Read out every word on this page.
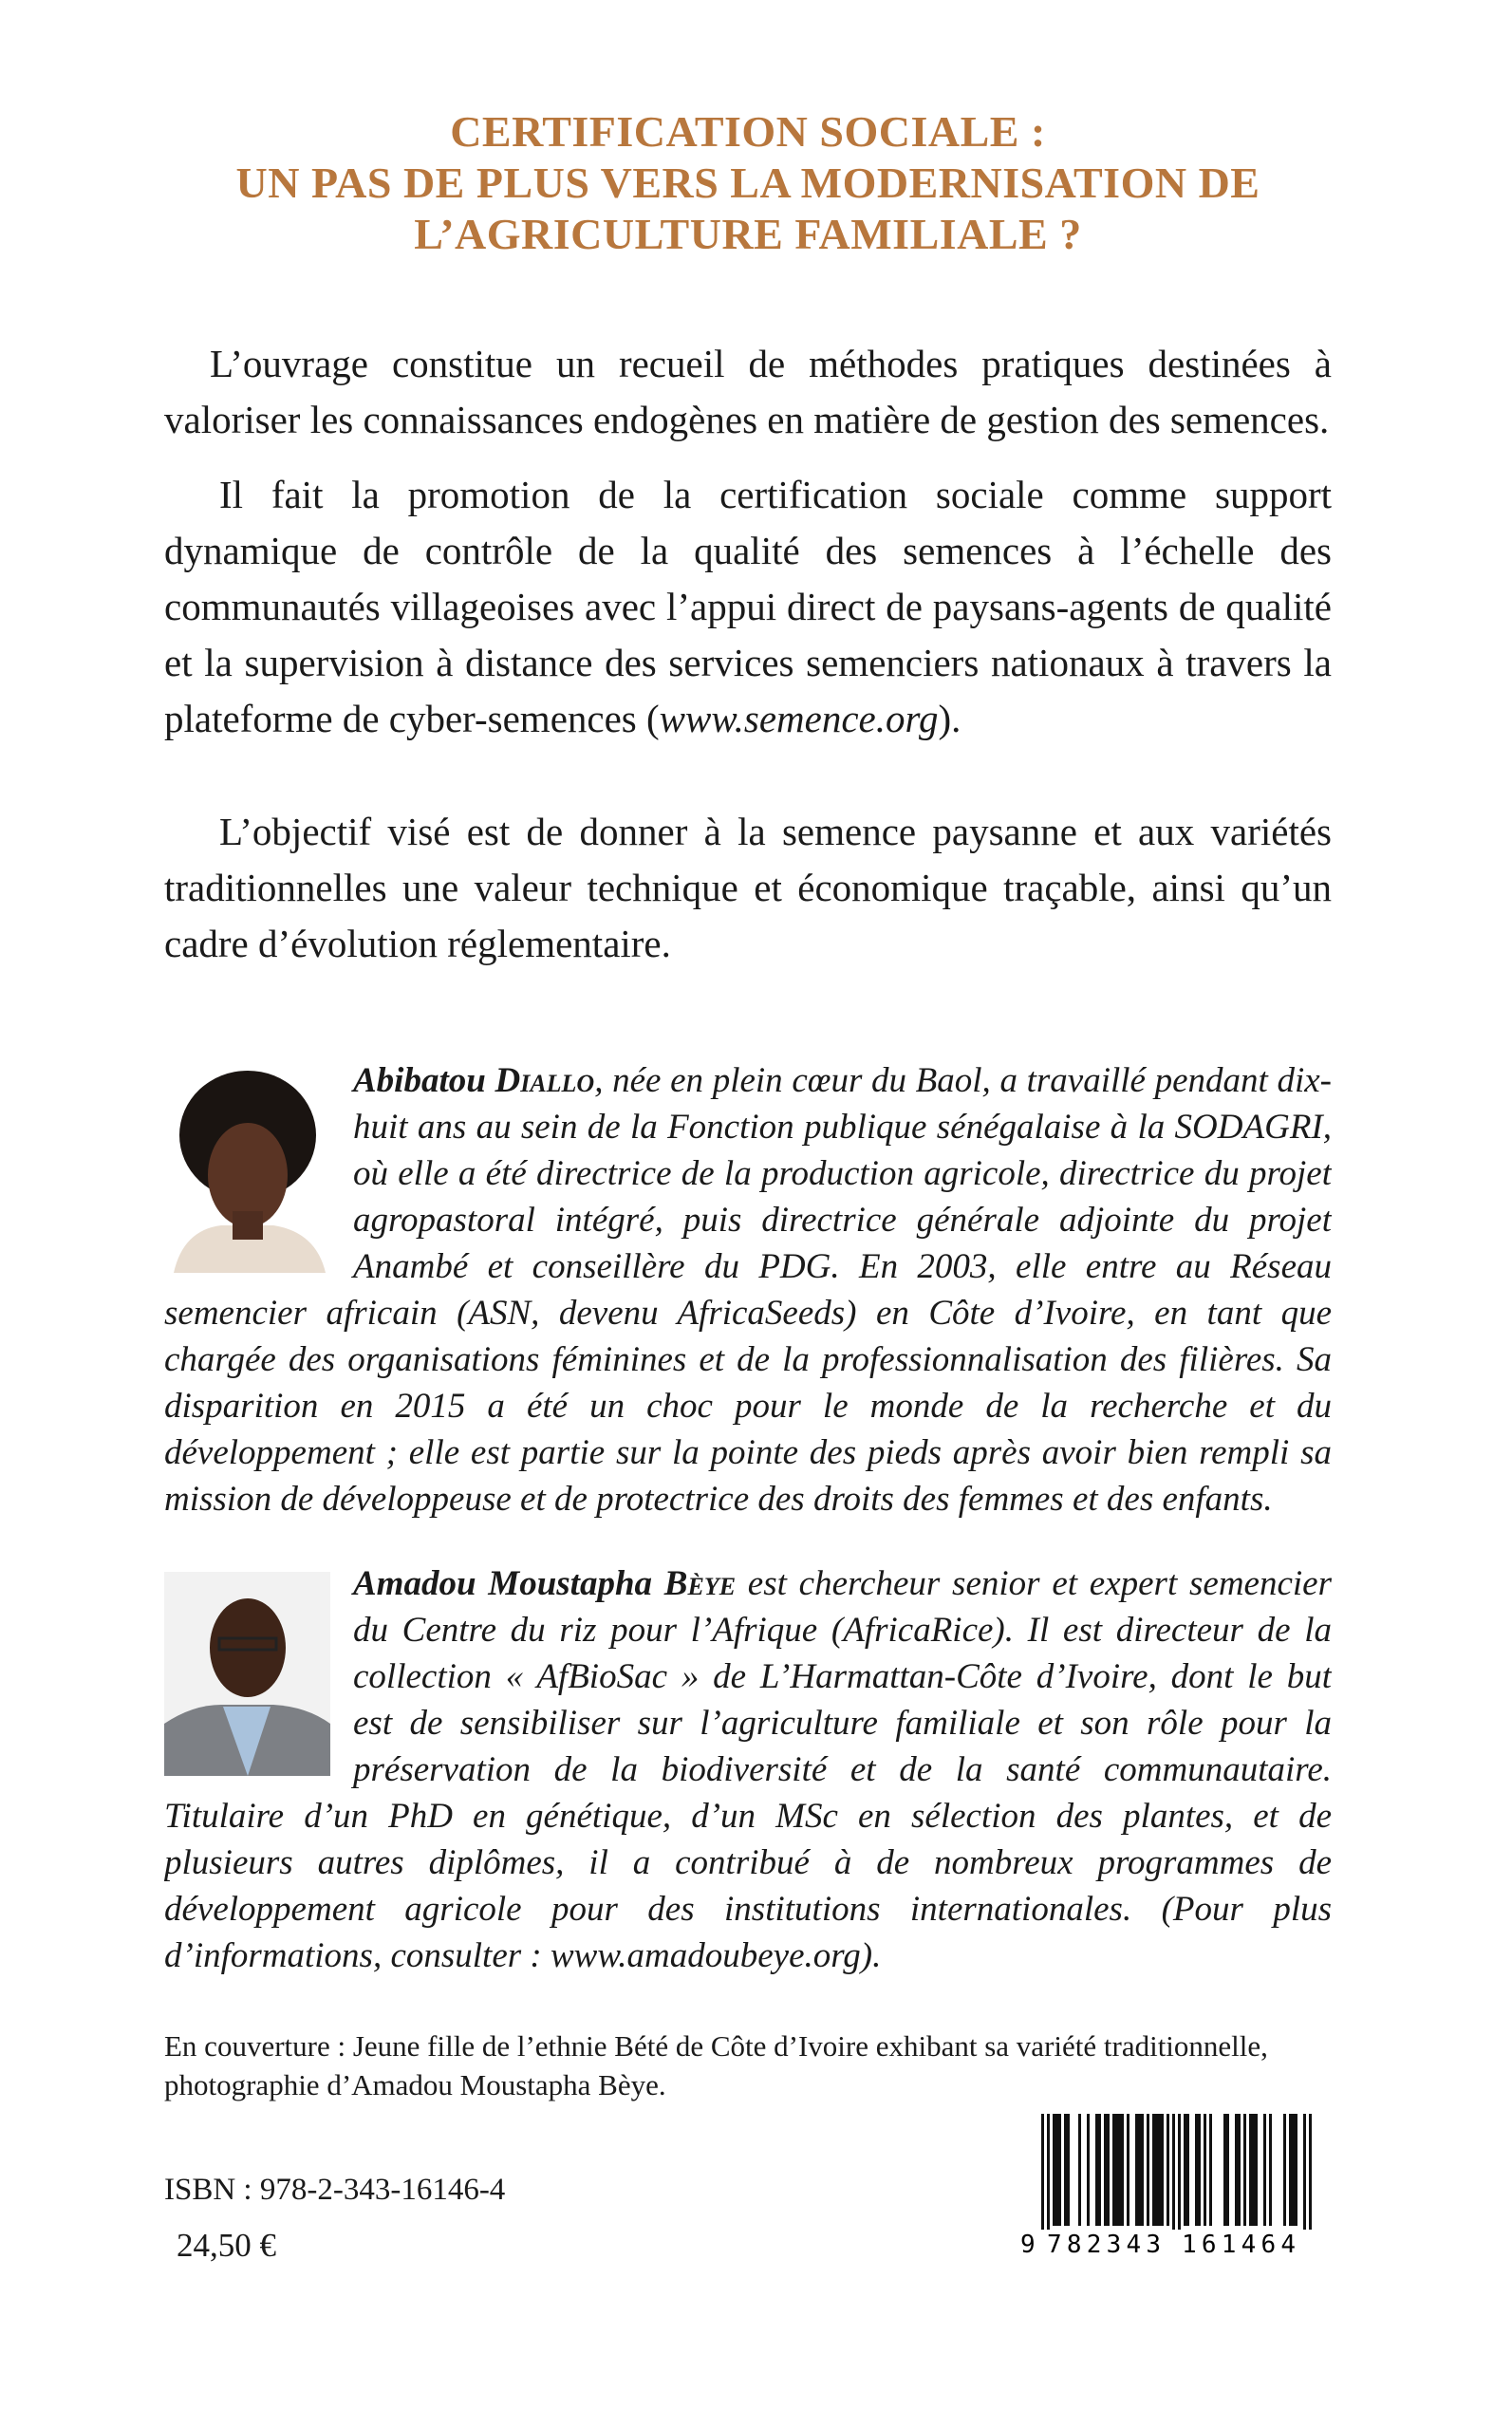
CERTIFICATION SOCIALE :
UN PAS DE PLUS VERS LA MODERNISATION DE
L’AGRICULTURE FAMILIALE ?

L’ouvrage constitue un recueil de méthodes pratiques destinées à valoriser les connaissances endogènes en matière de gestion des semences.

Il fait la promotion de la certification sociale comme support dynamique de contrôle de la qualité des semences à l’échelle des communautés villageoises avec l’appui direct de paysans-agents de qualité et la supervision à distance des services semenciers nationaux à travers la plateforme de cyber-semences (www.semence.org).

L’objectif visé est de donner à la semence paysanne et aux variétés traditionnelles une valeur technique et économique traçable, ainsi qu’un cadre d’évolution réglementaire.

Abibatou Diallo, née en plein cœur du Baol, a travaillé pendant dix-huit ans au sein de la Fonction publique sénégalaise à la SODAGRI, où elle a été directrice de la production agricole, directrice du projet agropastoral intégré, puis directrice générale adjointe du projet Anambé et conseillère du PDG. En 2003, elle entre au Réseau semencier africain (ASN, devenu AfricaSeeds) en Côte d’Ivoire, en tant que chargée des organisations féminines et de la professionnalisation des filières. Sa disparition en 2015 a été un choc pour le monde de la recherche et du développement ; elle est partie sur la pointe des pieds après avoir bien rempli sa mission de développeuse et de protectrice des droits des femmes et des enfants.
Amadou Moustapha Bèye est chercheur senior et expert semencier du Centre du riz pour l’Afrique (AfricaRice). Il est directeur de la collection « AfBioSac » de L’Harmattan-Côte d’Ivoire, dont le but est de sensibiliser sur l’agriculture familiale et son rôle pour la préservation de la biodiversité et de la santé communautaire. Titulaire d’un PhD en génétique, d’un MSc en sélection des plantes, et de plusieurs autres diplômes, il a contribué à de nombreux programmes de développement agricole pour des institutions internationales. (Pour plus d’informations, consulter : www.amadoubeye.org).
En couverture : Jeune fille de l’ethnie Bété de Côte d’Ivoire exhibant sa variété traditionnelle, photographie d’Amadou Moustapha Bèye.
ISBN : 978-2-343-16146-4
24,50 €	9 782343 161464
